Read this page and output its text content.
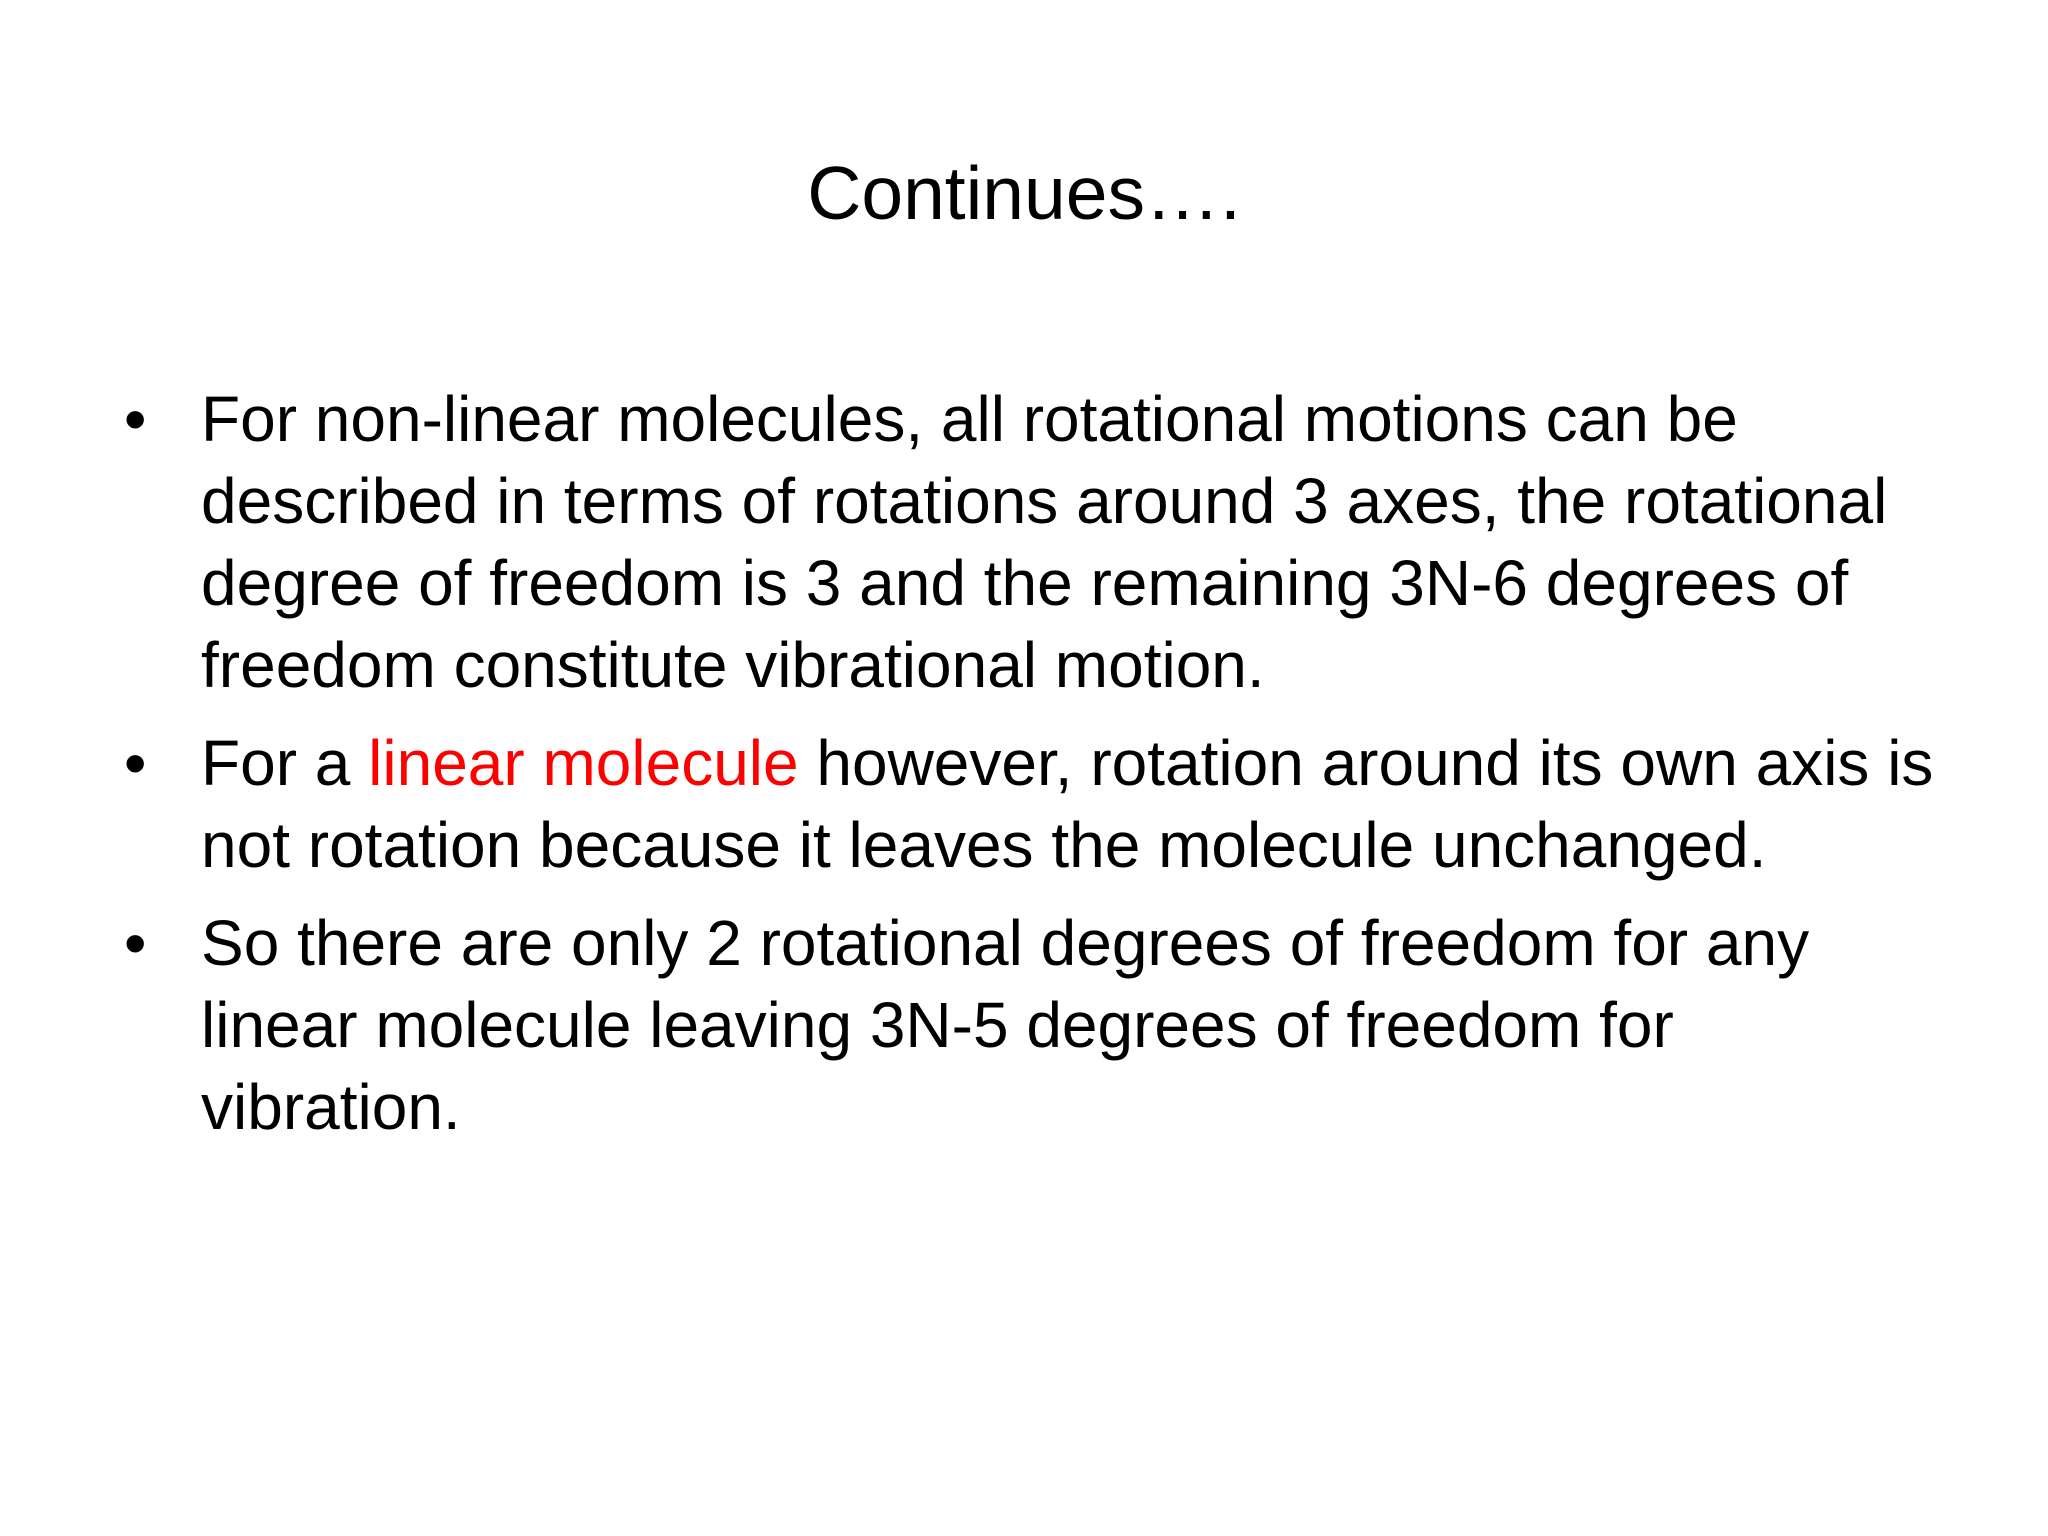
Continues….
• For non-linear molecules, all rotational motions can be described in terms of rotations around 3 axes, the rotational degree of freedom is 3 and the remaining 3N-6 degrees of freedom constitute vibrational motion.
• For a linear molecule however, rotation around its own axis is not rotation because it leaves the molecule unchanged.
• So there are only 2 rotational degrees of freedom for any linear molecule leaving 3N-5 degrees of freedom for vibration.
